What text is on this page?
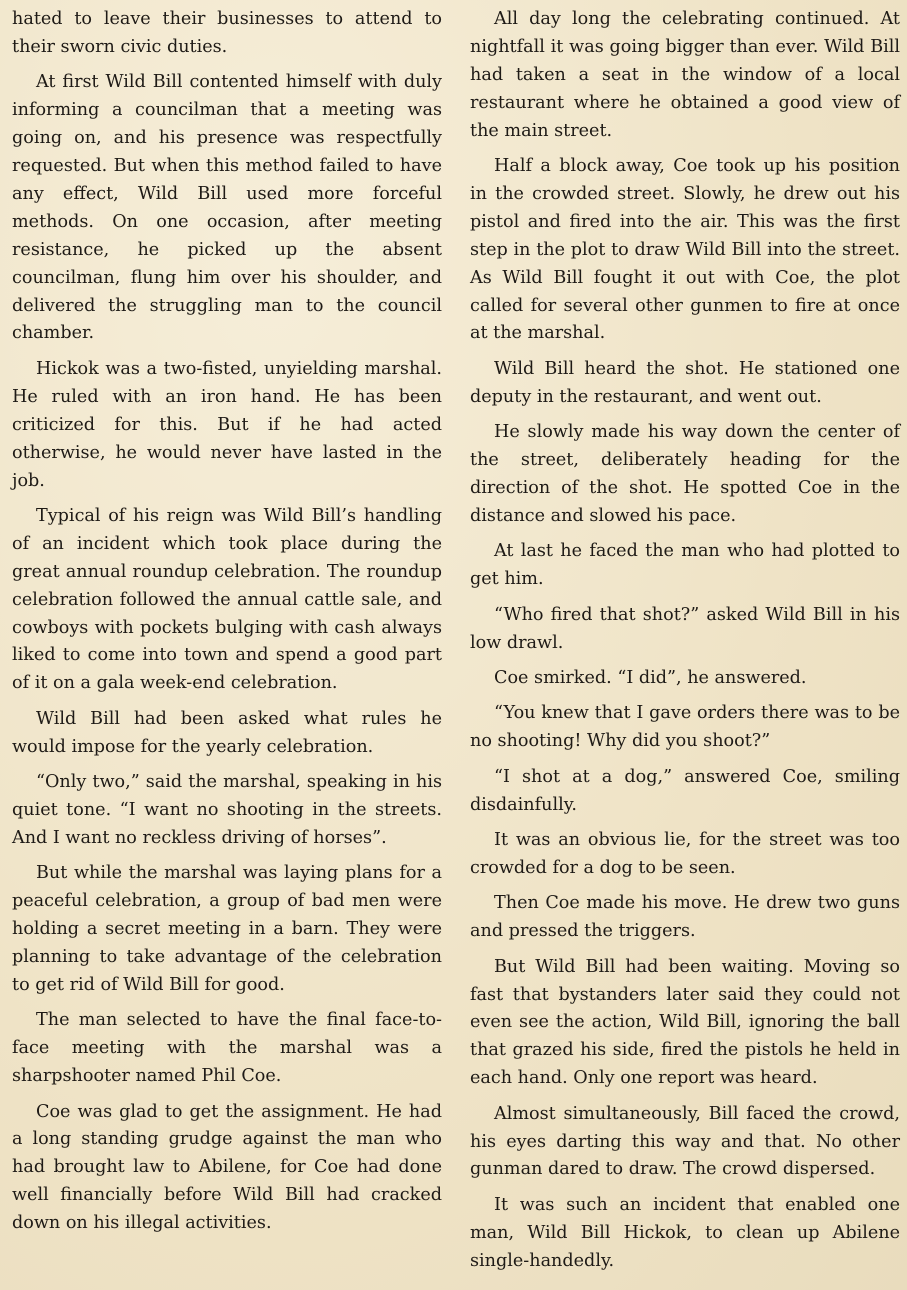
hated to leave their businesses to attend to their sworn civic duties.

At first Wild Bill contented himself with duly informing a councilman that a meeting was going on, and his presence was respectfully requested. But when this method failed to have any effect, Wild Bill used more forceful methods. On one occasion, after meeting resistance, he picked up the absent councilman, flung him over his shoulder, and delivered the struggling man to the council chamber.

Hickok was a two-fisted, unyielding marshal. He ruled with an iron hand. He has been criticized for this. But if he had acted otherwise, he would never have lasted in the job.

Typical of his reign was Wild Bill’s handling of an incident which took place during the great annual roundup celebration. The roundup celebration followed the annual cattle sale, and cowboys with pockets bulging with cash always liked to come into town and spend a good part of it on a gala week-end celebration.

Wild Bill had been asked what rules he would impose for the yearly celebration.

“Only two,” said the marshal, speaking in his quiet tone. “I want no shooting in the streets. And I want no reckless driving of horses”.

But while the marshal was laying plans for a peaceful celebration, a group of bad men were holding a secret meeting in a barn. They were planning to take advantage of the celebration to get rid of Wild Bill for good.

The man selected to have the final face-to-face meeting with the marshal was a sharpshooter named Phil Coe.

Coe was glad to get the assignment. He had a long standing grudge against the man who had brought law to Abilene, for Coe had done well financially before Wild Bill had cracked down on his illegal activities.

All day long the celebrating continued. At nightfall it was going bigger than ever. Wild Bill had taken a seat in the window of a local restaurant where he obtained a good view of the main street.

Half a block away, Coe took up his position in the crowded street. Slowly, he drew out his pistol and fired into the air. This was the first step in the plot to draw Wild Bill into the street. As Wild Bill fought it out with Coe, the plot called for several other gunmen to fire at once at the marshal.

Wild Bill heard the shot. He stationed one deputy in the restaurant, and went out.

He slowly made his way down the center of the street, deliberately heading for the direction of the shot. He spotted Coe in the distance and slowed his pace.

At last he faced the man who had plotted to get him.

“Who fired that shot?” asked Wild Bill in his low drawl.

Coe smirked. “I did”, he answered.

“You knew that I gave orders there was to be no shooting! Why did you shoot?”

“I shot at a dog,” answered Coe, smiling disdainfully.

It was an obvious lie, for the street was too crowded for a dog to be seen.

Then Coe made his move. He drew two guns and pressed the triggers.

But Wild Bill had been waiting. Moving so fast that bystanders later said they could not even see the action, Wild Bill, ignoring the ball that grazed his side, fired the pistols he held in each hand. Only one report was heard.

Almost simultaneously, Bill faced the crowd, his eyes darting this way and that. No other gunman dared to draw. The crowd dispersed.

It was such an incident that enabled one man, Wild Bill Hickok, to clean up Abilene single-handedly.
